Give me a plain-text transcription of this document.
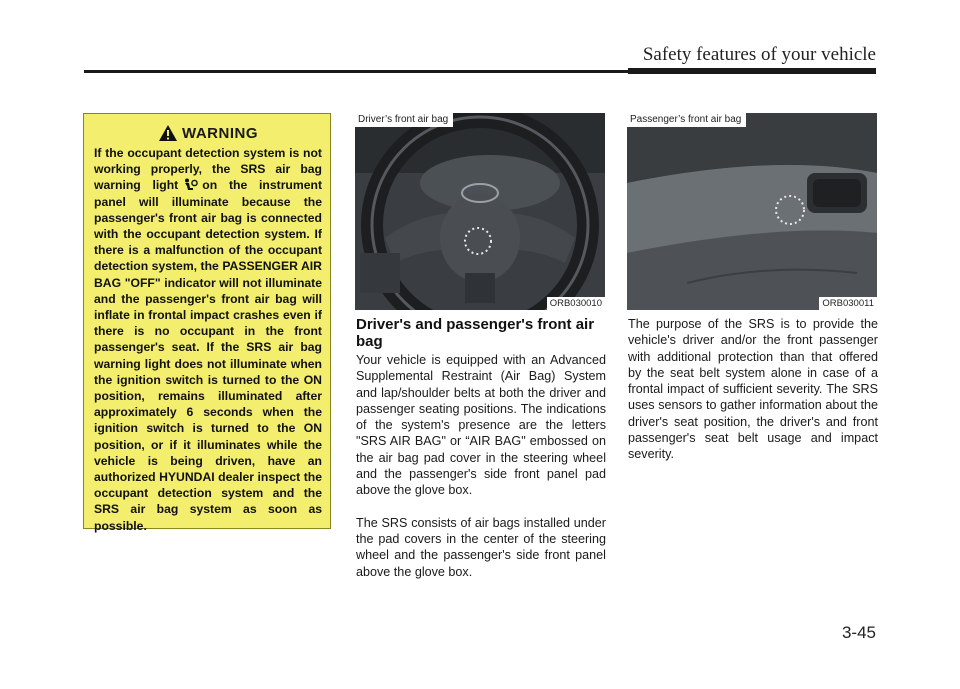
Safety features of your vehicle
WARNING
If the occupant detection system is not working properly, the SRS air bag warning light on the instrument panel will illuminate because the passenger's front air bag is connected with the occupant detection system. If there is a malfunction of the occupant detection system, the PASSENGER AIR BAG "OFF" indicator will not illuminate and the passenger's front air bag will inflate in frontal impact crashes even if there is no occupant in the front passenger's seat. If the SRS air bag warning light does not illuminate when the ignition switch is turned to the ON position, remains illuminated after approximately 6 seconds when the ignition switch is turned to the ON position, or if it illuminates while the vehicle is being driven, have an authorized HYUNDAI dealer inspect the occupant detection system and the SRS air bag system as soon as possible.
Driver’s front air bag
ORB030010
Passenger’s front air bag
ORB030011
Driver's and passenger's front air bag

Your vehicle is equipped with an Advanced Supplemental Restraint (Air Bag) System and lap/shoulder belts at both the driver and passenger seating positions. The indications of the system's presence are the letters "SRS AIR BAG" or “AIR BAG" embossed on the air bag pad cover in the steering wheel and the passenger's side front panel pad above the glove box.

The SRS consists of air bags installed under the pad covers in the center of the steering wheel and the passenger's side front panel above the glove box.

The purpose of the SRS is to provide the vehicle's driver and/or the front passenger with additional protection than that offered by the seat belt system alone in case of a frontal impact of sufficient severity. The SRS uses sensors to gather information about the driver's seat position, the driver's and front passenger's seat belt usage and impact severity.

3-45
